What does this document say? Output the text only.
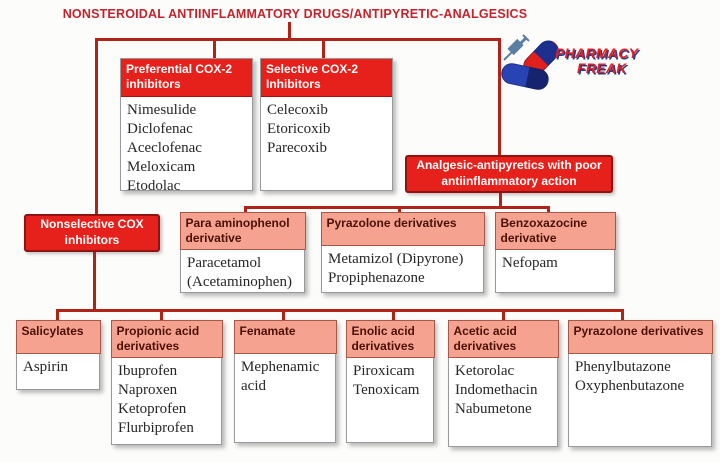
NONSTEROIDAL ANTIINFLAMMATORY DRUGS/ANTIPYRETIC-ANALGESICS
PHARMACY
FREAK
Preferential COX-2 inhibitors
Nimesulide
Diclofenac
Aceclofenac
Meloxicam
Etodolac
Selective COX-2 Inhibitors
Celecoxib
Etoricoxib
Parecoxib
Analgesic-antipyretics with poor antiinflammatory action
Nonselective COX inhibitors
Para aminophenol derivative
Paracetamol
(Acetaminophen)
Pyrazolone derivatives
Metamizol (Dipyrone)
Propiphenazone
Benzoxazocine derivative
Nefopam
Salicylates
Aspirin
Propionic acid derivatives
Ibuprofen
Naproxen
Ketoprofen
Flurbiprofen
Fenamate
Mephenamic acid
Enolic acid derivatives
Piroxicam
Tenoxicam
Acetic acid derivatives
Ketorolac
Indomethacin
Nabumetone
Pyrazolone derivatives
Phenylbutazone
Oxyphenbutazone
